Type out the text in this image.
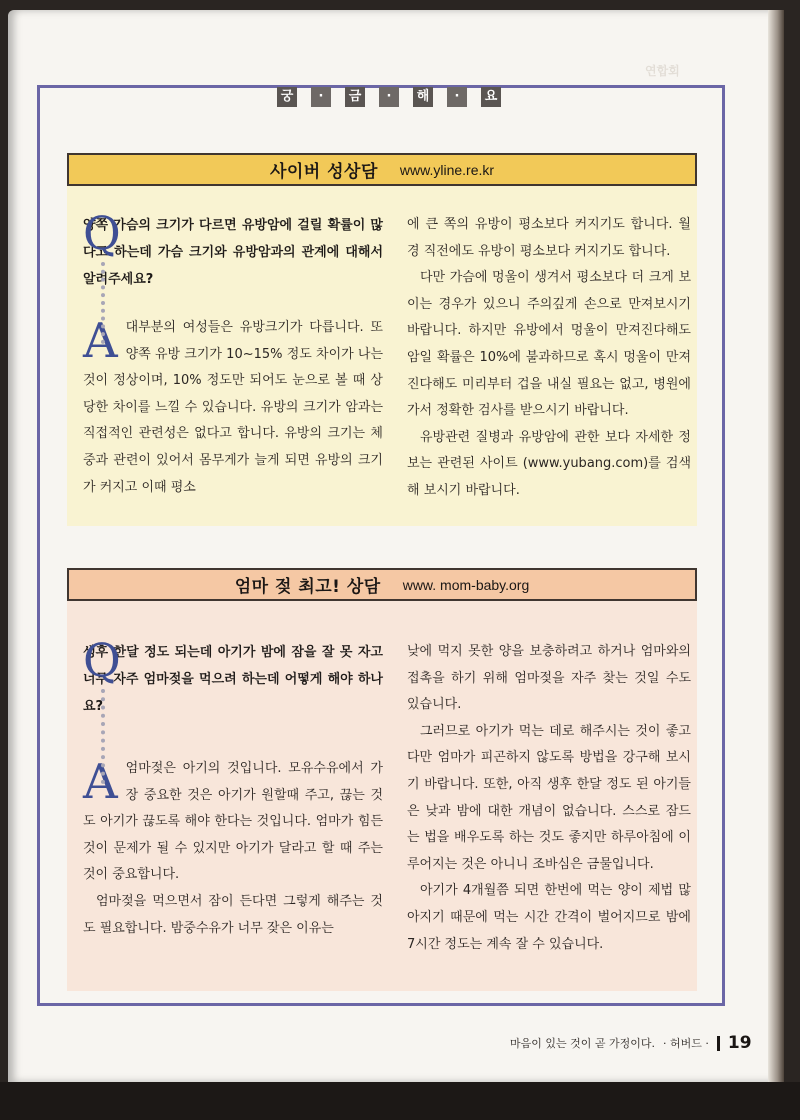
연합회
궁	·	금	·	해	·	요
사이버 성상담 www.yline.re.kr
Q

양쪽 가슴의 크기가 다르면 유방암에 걸릴 확률이 많다고 하는데 가슴 크기와 유방암과의 관계에 대해서 알려주세요?

A 대부분의 여성들은 유방크기가 다릅니다. 또 양쪽 유방 크기가 10~15% 정도 차이가 나는 것이 정상이며, 10% 정도만 되어도 눈으로 볼 때 상당한 차이를 느낄 수 있습니다. 유방의 크기가 암과는 직접적인 관련성은 없다고 합니다. 유방의 크기는 체중과 관련이 있어서 몸무게가 늘게 되면 유방의 크기가 커지고 이때 평소

에 큰 쪽의 유방이 평소보다 커지기도 합니다. 월경 직전에도 유방이 평소보다 커지기도 합니다.

다만 가슴에 멍울이 생겨서 평소보다 더 크게 보이는 경우가 있으니 주의깊게 손으로 만져보시기 바랍니다. 하지만 유방에서 멍울이 만져진다해도 암일 확률은 10%에 불과하므로 혹시 멍울이 만져진다해도 미리부터 겁을 내실 필요는 없고, 병원에 가서 정확한 검사를 받으시기 바랍니다.

유방관련 질병과 유방암에 관한 보다 자세한 정보는 관련된 사이트 (www.yubang.com)를 검색해 보시기 바랍니다.

엄마 젖 최고! 상담 www. mom-baby.org
Q

생후 한달 정도 되는데 아기가 밤에 잠을 잘 못 자고 너무 자주 엄마젖을 먹으려 하는데 어떻게 해야 하나요?

A 엄마젖은 아기의 것입니다. 모유수유에서 가장 중요한 것은 아기가 원할때 주고, 끊는 것도 아기가 끊도록 해야 한다는 것입니다. 엄마가 힘든것이 문제가 될 수 있지만 아기가 달라고 할 때 주는 것이 중요합니다.

엄마젖을 먹으면서 잠이 든다면 그렇게 해주는 것도 필요합니다. 밤중수유가 너무 잦은 이유는

낮에 먹지 못한 양을 보충하려고 하거나 엄마와의 접촉을 하기 위해 엄마젖을 자주 찾는 것일 수도 있습니다.

그러므로 아기가 먹는 데로 해주시는 것이 좋고 다만 엄마가 피곤하지 않도록 방법을 강구해 보시기 바랍니다. 또한, 아직 생후 한달 정도 된 아기들은 낮과 밤에 대한 개념이 없습니다. 스스로 잠드는 법을 배우도록 하는 것도 좋지만 하루아침에 이루어지는 것은 아니니 조바심은 금물입니다.

아기가 4개월쯤 되면 한번에 먹는 양이 제법 많아지기 때문에 먹는 시간 간격이 벌어지므로 밤에 7시간 정도는 계속 잘 수 있습니다.

마음이 있는 것이 곧 가정이다. · 허버드 · 19
